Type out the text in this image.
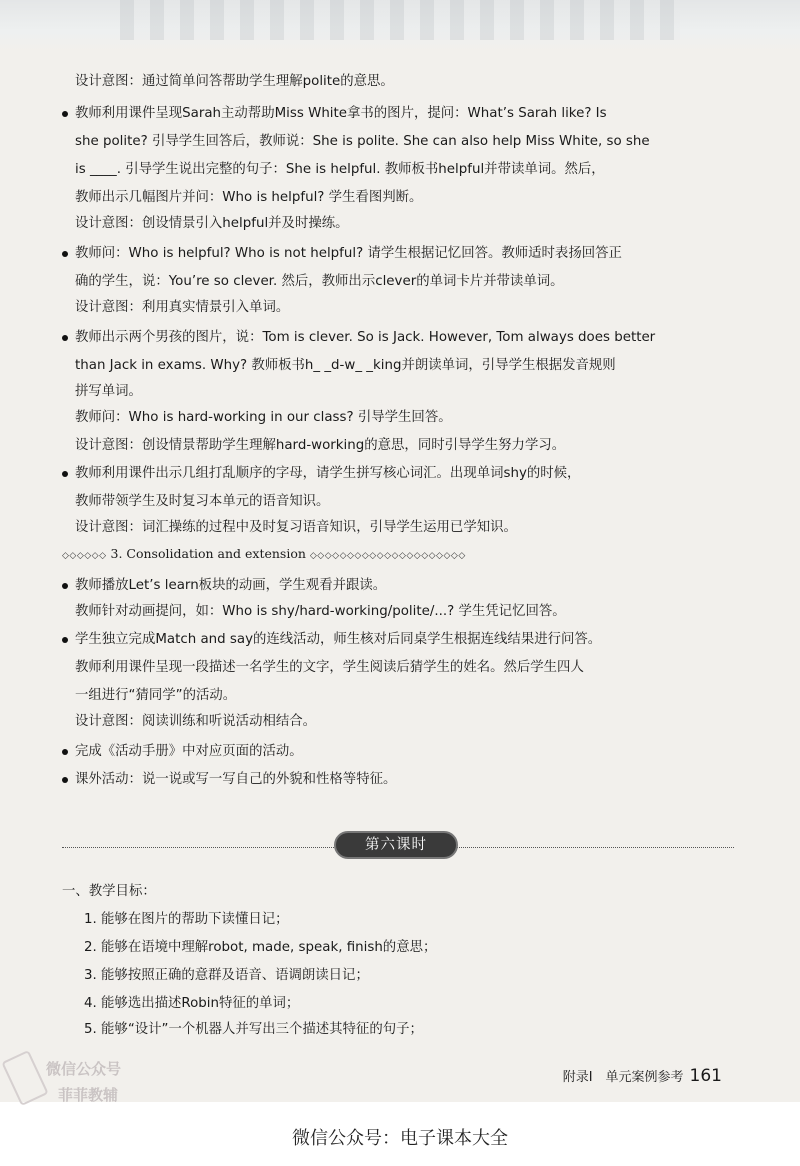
设计意图：通过简单问答帮助学生理解polite的意思。
教师利用课件呈现Sarah主动帮助Miss White拿书的图片，提问：What’s Sarah like? Is
she polite? 引导学生回答后，教师说：She is polite. She can also help Miss White, so she
is ____. 引导学生说出完整的句子：She is helpful. 教师板书helpful并带读单词。然后，
教师出示几幅图片并问：Who is helpful? 学生看图判断。
设计意图：创设情景引入helpful并及时操练。
教师问：Who is helpful? Who is not helpful? 请学生根据记忆回答。教师适时表扬回答正
确的学生，说：You’re so clever. 然后，教师出示clever的单词卡片并带读单词。
设计意图：利用真实情景引入单词。
教师出示两个男孩的图片，说：Tom is clever. So is Jack. However, Tom always does better
than Jack in exams. Why? 教师板书h_ _d-w_ _king并朗读单词，引导学生根据发音规则
拼写单词。
教师问：Who is hard-working in our class? 引导学生回答。
设计意图：创设情景帮助学生理解hard-working的意思，同时引导学生努力学习。
教师利用课件出示几组打乱顺序的字母，请学生拼写核心词汇。出现单词shy的时候，
教师带领学生及时复习本单元的语音知识。
设计意图：词汇操练的过程中及时复习语音知识，引导学生运用已学知识。
◇◇◇◇◇◇ 3. Consolidation and extension ◇◇◇◇◇◇◇◇◇◇◇◇◇◇◇◇◇◇◇◇◇
教师播放Let’s learn板块的动画，学生观看并跟读。
教师针对动画提问，如：Who is shy/hard-working/polite/...? 学生凭记忆回答。
学生独立完成Match and say的连线活动，师生核对后同桌学生根据连线结果进行问答。
教师利用课件呈现一段描述一名学生的文字，学生阅读后猜学生的姓名。然后学生四人
一组进行“猜同学”的活动。
设计意图：阅读训练和听说活动相结合。
完成《活动手册》中对应页面的活动。
课外活动：说一说或写一写自己的外貌和性格等特征。
第六课时
一、教学目标：
1. 能够在图片的帮助下读懂日记；
2. 能够在语境中理解robot, made, speak, finish的意思；
3. 能够按照正确的意群及语音、语调朗读日记；
4. 能够选出描述Robin特征的单词；
5. 能够“设计”一个机器人并写出三个描述其特征的句子；
附录I　单元案例参考 161
微信公众号
菲菲教辅
微信公众号：电子课本大全
